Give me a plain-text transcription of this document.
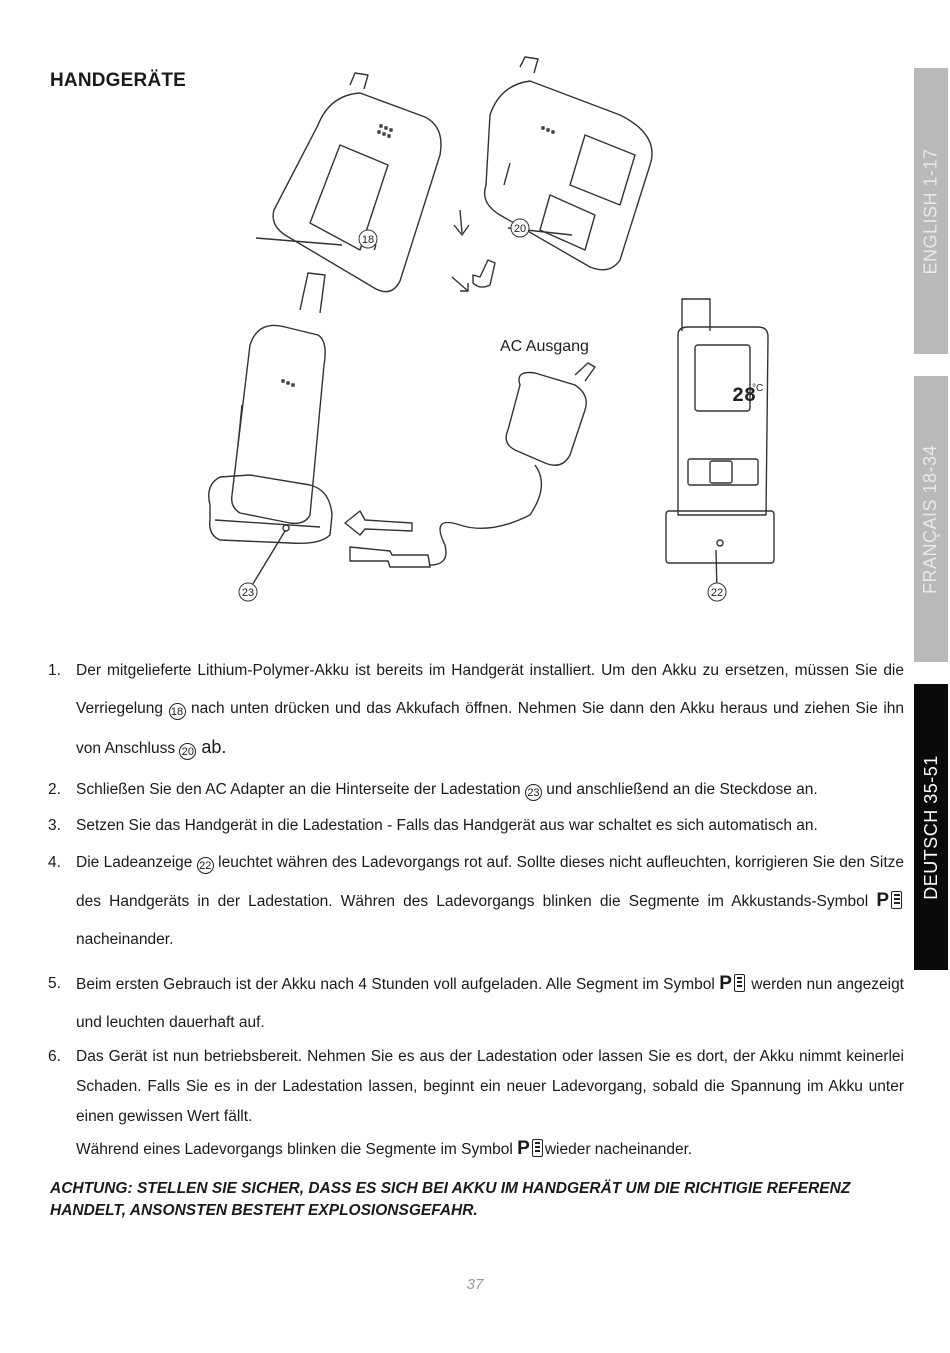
HANDGERÄTE
ENGLISH 1-17
FRANÇAIS 18-34
DEUTSCH 35-51
AC Ausgang
28
°C
18
20
23	22
1. Der mitgelieferte Lithium-Polymer-Akku ist bereits im Handgerät installiert. Um den Akku zu ersetzen, müssen Sie die Verriegelung 18 nach unten drücken und das Akkufach öffnen. Nehmen Sie dann den Akku heraus und ziehen Sie ihn von Anschluss 20 ab.
2. Schließen Sie den AC Adapter an die Hinterseite der Ladestation 23 und anschließend an die Steckdose an.
3. Setzen Sie das Handgerät in die Ladestation - Falls das Handgerät aus war schaltet es sich automatisch an.
4. Die Ladeanzeige 22 leuchtet währen des Ladevorgangs rot auf. Sollte dieses nicht aufleuchten, korrigieren Sie den Sitze des Handgeräts in der Ladestation. Währen des Ladevorgangs blinken die Segmente im Akkustands-Symbol Pnacheinander.
5. Beim ersten Gebrauch ist der Akku nach 4 Stunden voll aufgeladen. Alle Segment im Symbol P werden nun angezeigt und leuchten dauerhaft auf.
6. Das Gerät ist nun betriebsbereit. Nehmen Sie es aus der Ladestation oder lassen Sie es dort, der Akku nimmt keinerlei Schaden. Falls Sie es in der Ladestation lassen, beginnt ein neuer Ladevorgang, sobald die Spannung im Akku unter einen gewissen Wert fällt.
Während eines Ladevorgangs blinken die Segmente im Symbol P wieder nacheinander.
ACHTUNG: STELLEN SIE SICHER, DASS ES SICH BEI AKKU IM HANDGERÄT UM DIE RICHTIGIE REFERENZ HANDELT, ANSONSTEN BESTEHT EXPLOSIONSGEFAHR.
37
